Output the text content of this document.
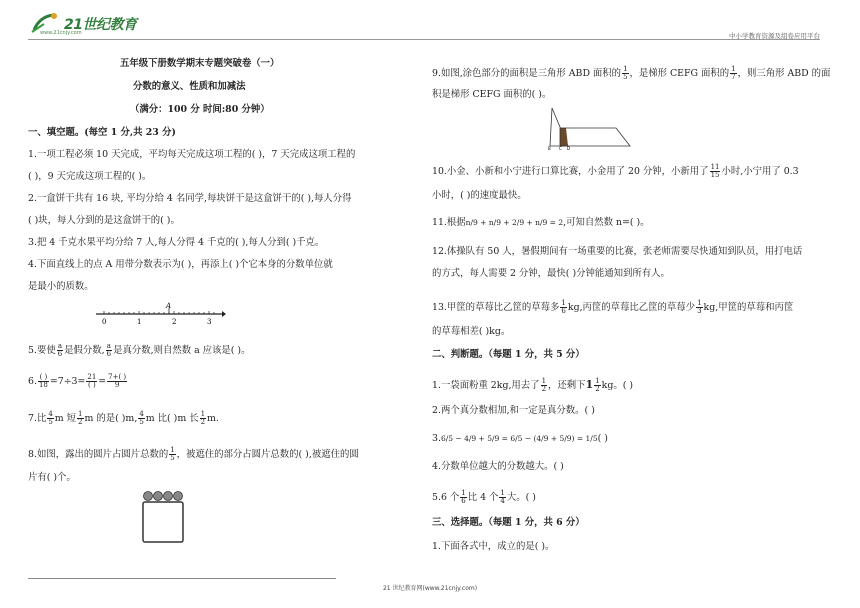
21世纪教育
www.21cnjy.com	中小学教育资源及组卷应用平台
五年级下册数学期末专题突破卷（一）
分数的意义、性质和加减法
（满分：100 分 时间:80 分钟）
一、填空题。(每空 1 分,共 23 分)
1.一项工程必须 10 天完成，平均每天完成这项工程的( )，7 天完成这项工程的
( )，9 天完成这项工程的( )。
2.一盒饼干共有 16 块, 平均分给 4 名同学,每块饼干是这盒饼干的( ),每人分得
( )块，每人分到的是这盒饼干的( )。
3.把 4 千克水果平均分给 7 人,每人分得 4 千克的( ),每人分到( )千克。
4.下面直线上的点 A 用带分数表示为( )，再添上( )个它本身的分数单位就
是最小的质数。
A
0	1	2	3
5.要使 $\frac{a}{6}$ 是假分数, $\frac{a}{6}$ 是真分数,则自然数 a 应该是( )。
6. $\frac{( )}{18} =7\div 3= \frac{21}{( )} = \frac{7+( )}{9}$
7.比 $\frac{4}{5}$ m 短 $\frac{1}{2}$ m 的是( )m, $\frac{4}{5}$ m 比( )m 长 $\frac{1}{2} m$.
8.如图，露出的圆片占圆片总数的 $\frac{1}{5}$ ，被遮住的部分占圆片总数的( ),被遮住的圆
片有( )个。
21 世纪教育网(www.21cnjy.com)
9.如图,涂色部分的面积是三角形 ABD 面积的 $\frac{1}{5}$ ，是梯形 CEFG 面积的 $\frac{1}{7}$ ，则三角形 ABD 的面
积是梯形 CEFG 面积的( )。
B C D
10.小金、小新和小宁进行口算比赛，小金用了 20 分钟，小新用了 $\frac{11}{15}$ 小时,小宁用了 0.3
小时，( )的速度最快。
11.根据n/9 + n/9 + 2/9 + n/9 = 2,可知自然数 n=( )。
12.体操队有 50 人，暑假期间有一场重要的比赛，张老师需要尽快通知到队员，用打电话
的方式，每人需要 2 分钟，最快( )分钟能通知到所有人。
13.甲筐的草莓比乙筐的草莓多 $\frac{1}{6}$ kg,丙筐的草莓比乙筐的草莓少 $\frac{1}{3}$ kg,甲筐的草莓和丙筐
的草莓相差( )kg。
二、判断题。（每题 1 分，共 5 分）
1.一袋面粉重 2kg,用去了 $\frac{1}{2}$ ，还剩下$1 \frac{1}{2}$ kg。( )
2.两个真分数相加,和一定是真分数。( )
3.6/5 − 4/9 + 5/9 = 6/5 − (4/9 + 5/9) = 1/5( )
4.分数单位越大的分数越大。( )
5.6 个 $\frac{1}{6}$ 比 4 个 $\frac{1}{4}$ 大。( )
三、选择题。（每题 1 分，共 6 分）
1.下面各式中，成立的是( )。
